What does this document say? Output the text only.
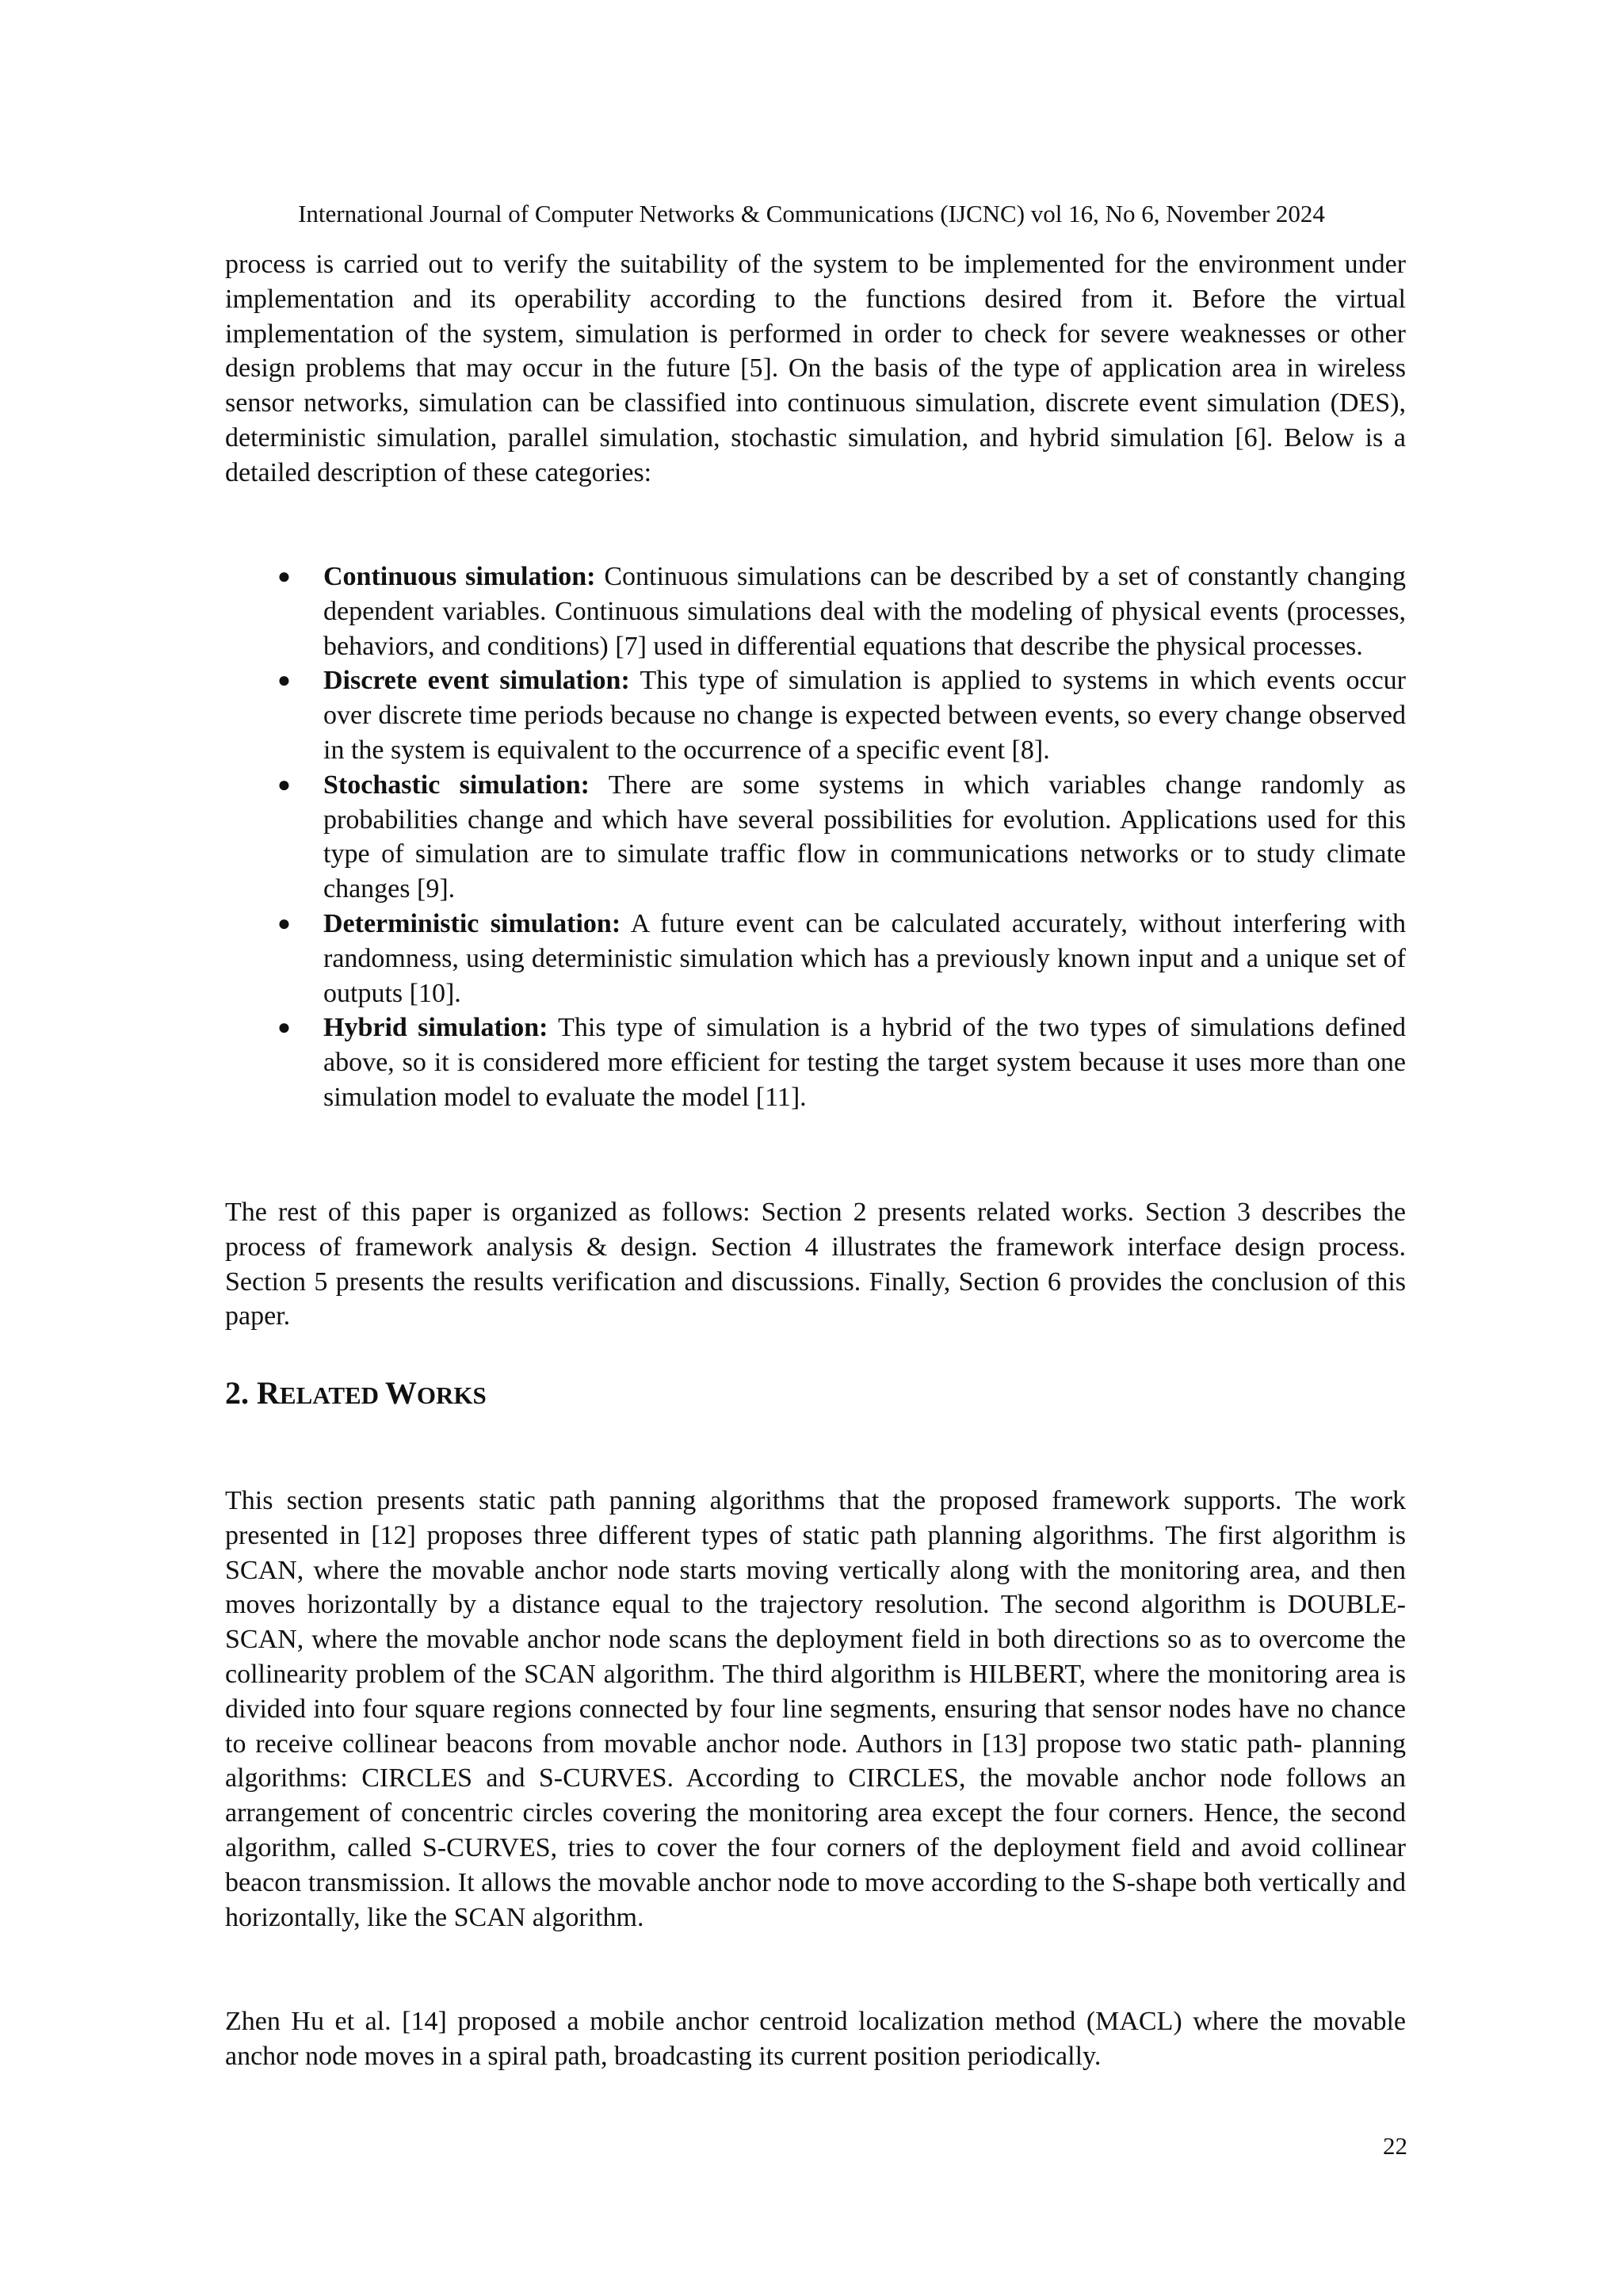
International Journal of Computer Networks & Communications (IJCNC) vol 16, No 6, November 2024

process is carried out to verify the suitability of the system to be implemented for the environment under implementation and its operability according to the functions desired from it. Before the virtual implementation of the system, simulation is performed in order to check for severe weaknesses or other design problems that may occur in the future [5]. On the basis of the type of application area in wireless sensor networks, simulation can be classified into continuous simulation, discrete event simulation (DES), deterministic simulation, parallel simulation, stochastic simulation, and hybrid simulation [6]. Below is a detailed description of these categories:

● Continuous simulation: Continuous simulations can be described by a set of constantly changing dependent variables. Continuous simulations deal with the modeling of physical events (processes, behaviors, and conditions) [7] used in differential equations that describe the physical processes.
● Discrete event simulation: This type of simulation is applied to systems in which events occur over discrete time periods because no change is expected between events, so every change observed in the system is equivalent to the occurrence of a specific event [8].
● Stochastic simulation: There are some systems in which variables change randomly as probabilities change and which have several possibilities for evolution. Applications used for this type of simulation are to simulate traffic flow in communications networks or to study climate changes [9].
● Deterministic simulation: A future event can be calculated accurately, without interfering with randomness, using deterministic simulation which has a previously known input and a unique set of outputs [10].
● Hybrid simulation: This type of simulation is a hybrid of the two types of simulations defined above, so it is considered more efficient for testing the target system because it uses more than one simulation model to evaluate the model [11].

The rest of this paper is organized as follows: Section 2 presents related works. Section 3 describes the process of framework analysis & design. Section 4 illustrates the framework interface design process. Section 5 presents the results verification and discussions. Finally, Section 6 provides the conclusion of this paper.

2. RELATED WORKS

This section presents static path panning algorithms that the proposed framework supports. The work presented in [12] proposes three different types of static path planning algorithms. The first algorithm is SCAN, where the movable anchor node starts moving vertically along with the monitoring area, and then moves horizontally by a distance equal to the trajectory resolution. The second algorithm is DOUBLE-SCAN, where the movable anchor node scans the deployment field in both directions so as to overcome the collinearity problem of the SCAN algorithm. The third algorithm is HILBERT, where the monitoring area is divided into four square regions connected by four line segments, ensuring that sensor nodes have no chance to receive collinear beacons from movable anchor node. Authors in [13] propose two static path- planning algorithms: CIRCLES and S-CURVES. According to CIRCLES, the movable anchor node follows an arrangement of concentric circles covering the monitoring area except the four corners. Hence, the second algorithm, called S-CURVES, tries to cover the four corners of the deployment field and avoid collinear beacon transmission. It allows the movable anchor node to move according to the S-shape both vertically and horizontally, like the SCAN algorithm.

Zhen Hu et al. [14] proposed a mobile anchor centroid localization method (MACL) where the movable anchor node moves in a spiral path, broadcasting its current position periodically.

22
